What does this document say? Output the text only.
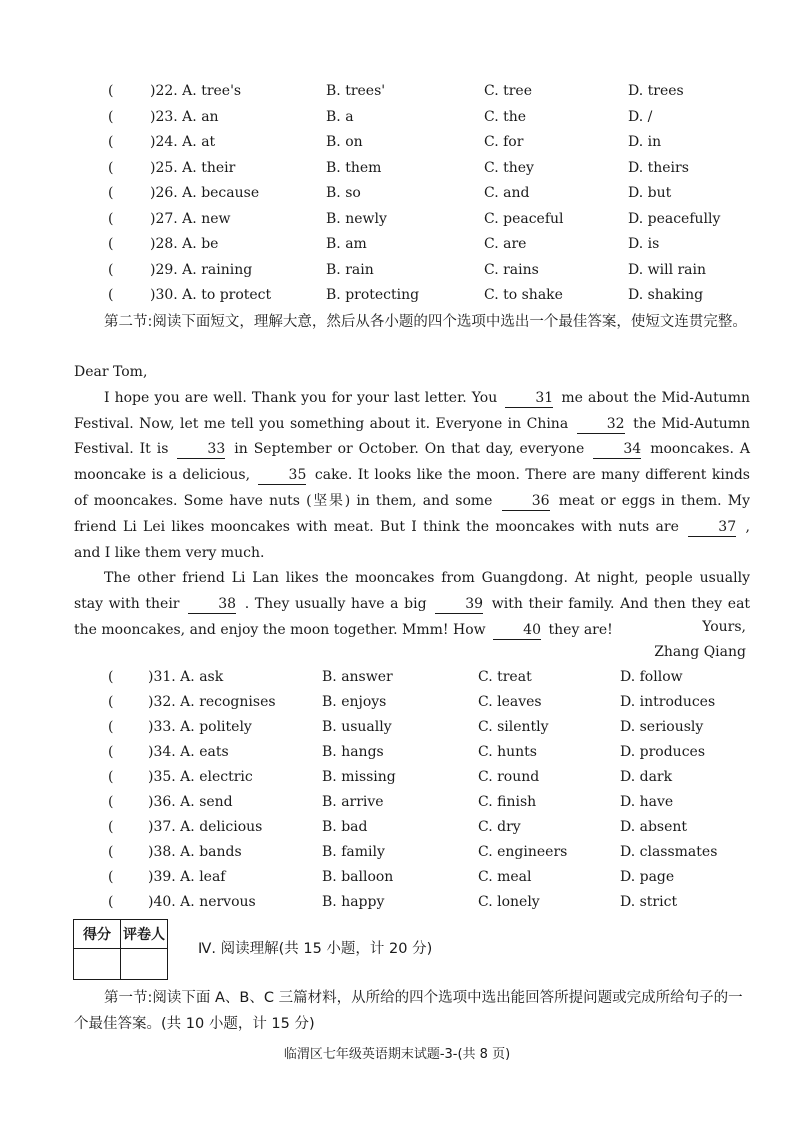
(	)22. A. tree's	B. trees'	C. tree	D. trees
(	)23. A. an	B. a	C. the	D. /
(	)24. A. at	B. on	C. for	D. in
(	)25. A. their	B. them	C. they	D. theirs
(	)26. A. because	B. so	C. and	D. but
(	)27. A. new	B. newly	C. peaceful	D. peacefully
(	)28. A. be	B. am	C. are	D. is
(	)29. A. raining	B. rain	C. rains	D. will rain
(	)30. A. to protect	B. protecting	C. to shake	D. shaking
第二节:阅读下面短文，理解大意，然后从各小题的四个选项中选出一个最佳答案，使短文连贯完整。
Dear Tom,

I hope you are well. Thank you for your last letter. You	31 me about the Mid-Autumn Festival. Now, let me tell you something about it. Everyone in China	32 the Mid-Autumn Festival. It is	33 in September or October. On that day, everyone	34 mooncakes. A mooncake is a delicious,	35 cake. It looks like the moon. There are many different kinds of mooncakes. Some have nuts (坚果) in them, and some	36 meat or eggs in them. My friend Li Lei likes mooncakes with meat. But I think the mooncakes with nuts are	37 , and I like them very much.

The other friend Li Lan likes the mooncakes from Guangdong. At night, people usually stay with their	38 . They usually have a big	39 with their family. And then they eat the mooncakes, and enjoy the moon together. Mmm! How	40 they are!	Yours,
Zhang Qiang
( )31. A. ask	B. answer	C. treat	D. follow
( )32. A. recognises	B. enjoys	C. leaves	D. introduces
( )33. A. politely	B. usually	C. silently	D. seriously
( )34. A. eats	B. hangs	C. hunts	D. produces
( )35. A. electric	B. missing	C. round	D. dark
( )36. A. send	B. arrive	C. finish	D. have
( )37. A. delicious	B. bad	C. dry	D. absent
( )38. A. bands	B. family	C. engineers	D. classmates
( )39. A. leaf	B. balloon	C. meal	D. page
( )40. A. nervous	B. happy	C. lonely	D. strict
得分	评卷人

Ⅳ. 阅读理解(共 15 小题，计 20 分)
第一节:阅读下面 A、B、C 三篇材料，从所给的四个选项中选出能回答所提问题或完成所给句子的一个最佳答案。(共 10 小题，计 15 分)
临渭区七年级英语期末试题-3-(共 8 页)
